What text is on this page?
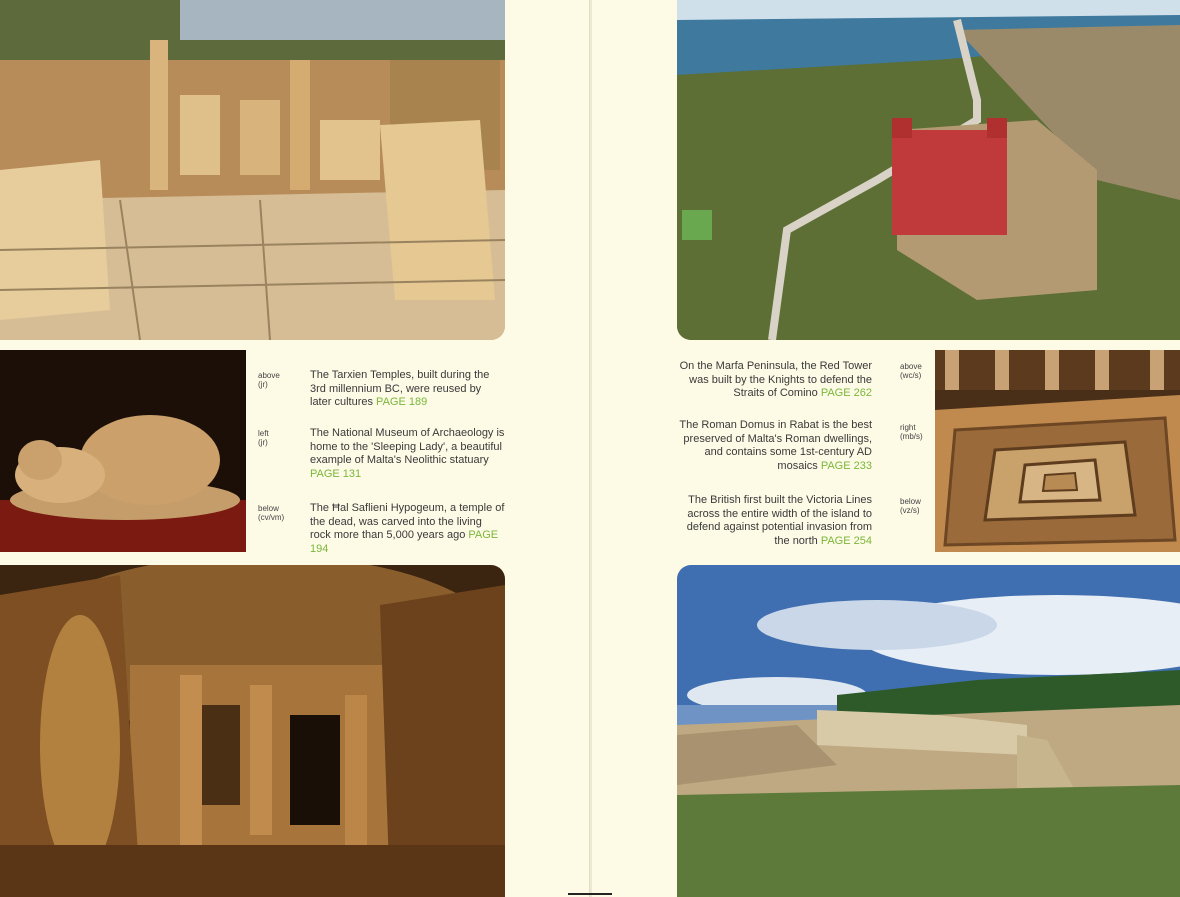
above
(jr)
The Tarxien Temples, built during the 3rd millennium BC, were reused by later cultures PAGE 189
left
(jr)
The National Museum of Archaeology is home to the 'Sleeping Lady', a beautiful example of Malta's Neolithic statuary PAGE 131
below
(cv/vm)
The Ħal Saflieni Hypogeum, a temple of the dead, was carved into the living rock more than 5,000 years ago PAGE 194
On the Marfa Peninsula, the Red Tower was built by the Knights to defend the Straits of Comino PAGE 262
above
(wc/s)
The Roman Domus in Rabat is the best preserved of Malta's Roman dwellings, and contains some 1st-century AD mosaics PAGE 233
right
(mb/s)
The British first built the Victoria Lines across the entire width of the island to defend against potential invasion from the north PAGE 254
below
(vz/s)
